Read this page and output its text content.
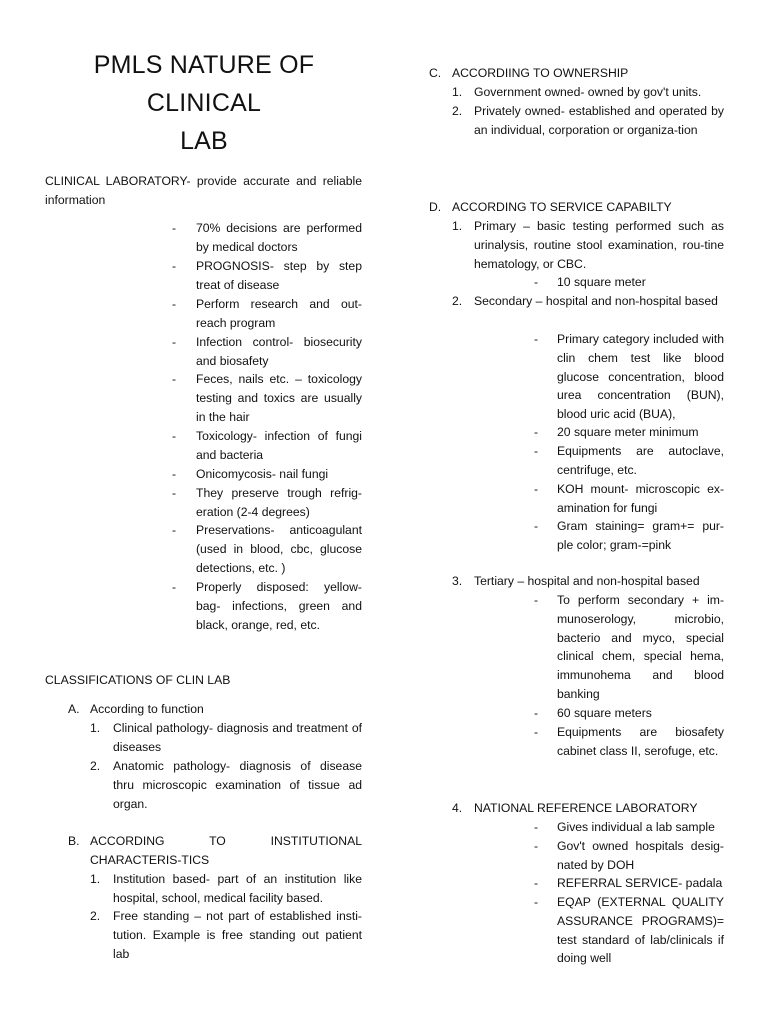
PMLS NATURE OF CLINICAL
LAB
CLINICAL LABORATORY- provide accurate and reliable information
- 70% decisions are performed by medical doctors
- PROGNOSIS- step by step treat of disease
- Perform research and out-reach program
- Infection control- biosecurity and biosafety
- Feces, nails etc. – toxicology testing and toxics are usually in the hair
- Toxicology- infection of fungi and bacteria
- Onicomycosis- nail fungi
- They preserve trough refrig-eration (2-4 degrees)
- Preservations- anticoagulant (used in blood, cbc, glucose detections, etc. )
- Properly disposed: yellow-bag- infections, green and black, orange, red, etc.
CLASSIFICATIONS OF CLIN LAB
A. According to function
1. Clinical pathology- diagnosis and treatment of diseases
2. Anatomic pathology- diagnosis of disease thru microscopic examination of tissue ad organ.
B. ACCORDING TO INSTITUTIONAL CHARACTERIS-TICS
1. Institution based- part of an institution like hospital, school, medical facility based.
2. Free standing – not part of established insti-tution. Example is free standing out patient lab
C. ACCORDIING TO OWNERSHIP
1. Government owned- owned by gov't units.
2. Privately owned- established and operated by an individual, corporation or organiza-tion
D. ACCORDING TO SERVICE CAPABILTY
1. Primary – basic testing performed such as urinalysis, routine stool examination, rou-tine hematology, or CBC.
- 10 square meter
2. Secondary – hospital and non-hospital based
- Primary category included with clin chem test like blood glucose concentration, blood urea concentration (BUN), blood uric acid (BUA),
- 20 square meter minimum
- Equipments are autoclave, centrifuge, etc.
- KOH mount- microscopic ex-amination for fungi
- Gram staining= gram+= pur-ple color; gram-=pink
3. Tertiary – hospital and non-hospital based
- To perform secondary + im-munoserology, microbio, bacterio and myco, special clinical chem, special hema, immunohema and blood banking
- 60 square meters
- Equipments are biosafety cabinet class II, serofuge, etc.
4. NATIONAL REFERENCE LABORATORY
- Gives individual a lab sample
- Gov't owned hospitals desig-nated by DOH
- REFERRAL SERVICE- padala
- EQAP (EXTERNAL QUALITY ASSURANCE PROGRAMS)= test standard of lab/clinicals if doing well
